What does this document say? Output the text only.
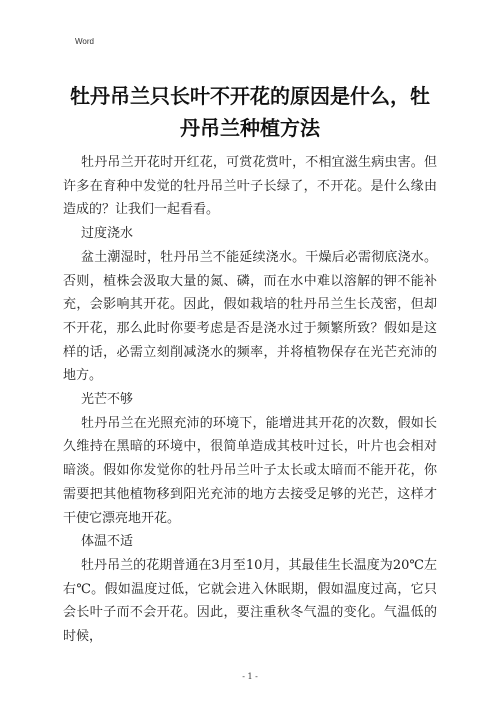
Word
牡丹吊兰只长叶不开花的原因是什么，牡
丹吊兰种植方法

牡丹吊兰开花时开红花，可赏花赏叶，不相宜滋生病虫害。但许多在育种中发觉的牡丹吊兰叶子长绿了，不开花。是什么缘由造成的？让我们一起看看。

过度浇水

盆土潮湿时，牡丹吊兰不能延续浇水。干燥后必需彻底浇水。否则，植株会汲取大量的氮、磷，而在水中难以溶解的钾不能补充，会影响其开花。因此，假如栽培的牡丹吊兰生长茂密，但却不开花，那么此时你要考虑是否是浇水过于频繁所致？假如是这样的话，必需立刻削减浇水的频率，并将植物保存在光芒充沛的地方。

光芒不够

牡丹吊兰在光照充沛的环境下，能增进其开花的次数，假如长久维持在黑暗的环境中，很简单造成其枝叶过长，叶片也会相对暗淡。假如你发觉你的牡丹吊兰叶子太长或太暗而不能开花，你需要把其他植物移到阳光充沛的地方去接受足够的光芒，这样才干使它漂亮地开花。

体温不适

牡丹吊兰的花期普通在3月至10月，其最佳生长温度为20℃左右℃。假如温度过低，它就会进入休眠期，假如温度过高，它只会长叶子而不会开花。因此，要注重秋冬气温的变化。气温低的时候，

- 1 -
